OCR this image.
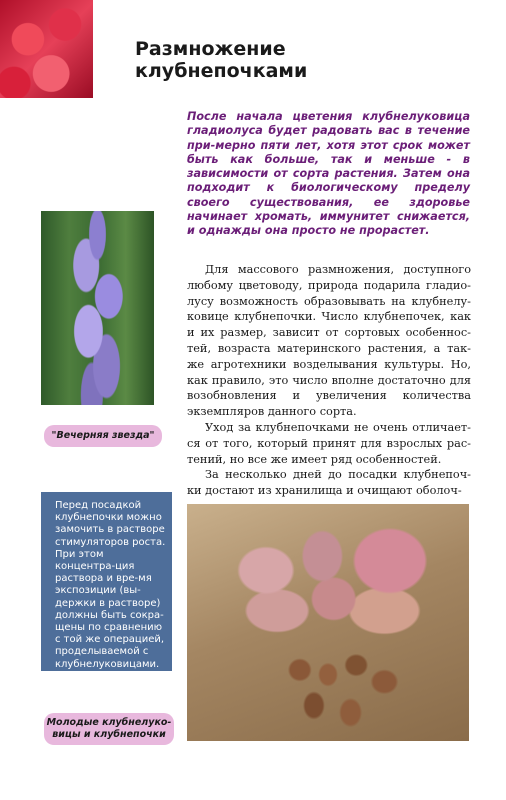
Размножение
клубнепочками

После начала цветения клубнелуковица гладиолуса будет радовать вас в течение при-мерно пяти лет, хотя этот срок может быть как больше, так и меньше - в зависимости от сорта растения. Затем она подходит к биологическому пределу своего существования, ее здоровье начинает хромать, иммунитет снижается, и однажды она просто не прорастет.

"Вечерняя звезда"

Для массового размножения, доступного любому цветоводу, природа подарила гладио-лусу возможность образовывать на клубнелу-ковице клубнепочки. Число клубнепочек, как и их размер, зависит от сортовых особеннос-тей, возраста материнского растения, а так-же агротехники возделывания культуры. Но, как правило, это число вполне достаточно для возобновления и увеличения количества экземпляров данного сорта.

Уход за клубнепочками не очень отличает-ся от того, который принят для взрослых рас-тений, но все же имеет ряд особенностей.

За несколько дней до посадки клубнепоч-ки достают из хранилища и очищают оболоч-

Перед посадкой клубнепочки можно замочить в растворе стимуляторов роста. При этом концентра-ция раствора и вре-мя экспозиции (вы-держки в растворе) должны быть сокра-щены по сравнению с той же операцией, проделываемой с клубнелуковицами.
Молодые клубнелуко-
вицы и клубнепочки
